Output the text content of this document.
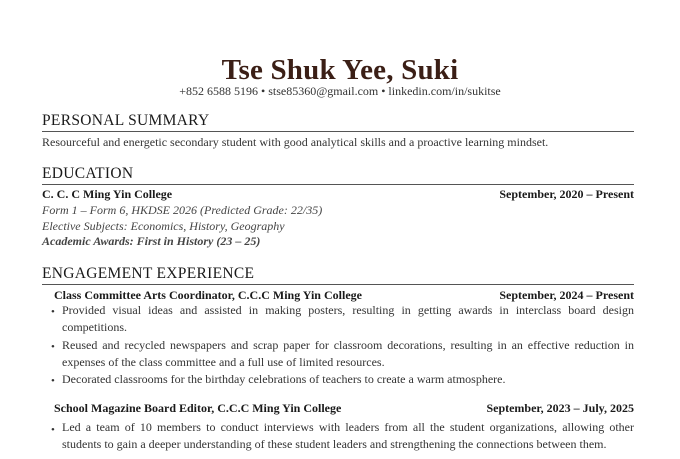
Tse Shuk Yee, Suki
+852 6588 5196 • stse85360@gmail.com • linkedin.com/in/sukitse
PERSONAL SUMMARY
Resourceful and energetic secondary student with good analytical skills and a proactive learning mindset.
EDUCATION
C. C. C Ming Yin College	September, 2020 – Present
Form 1 – Form 6, HKDSE 2026 (Predicted Grade: 22/35)
Elective Subjects: Economics, History, Geography
Academic Awards: First in History (23 – 25)
ENGAGEMENT EXPERIENCE
Class Committee Arts Coordinator, C.C.C Ming Yin College	September, 2024 – Present
• Provided visual ideas and assisted in making posters, resulting in getting awards in interclass board design competitions.
• Reused and recycled newspapers and scrap paper for classroom decorations, resulting in an effective reduction in expenses of the class committee and a full use of limited resources.
• Decorated classrooms for the birthday celebrations of teachers to create a warm atmosphere.
School Magazine Board Editor, C.C.C Ming Yin College	September, 2023 – July, 2025
• Led a team of 10 members to conduct interviews with leaders from all the student organizations, allowing other students to gain a deeper understanding of these student leaders and strengthening the connections between them.
